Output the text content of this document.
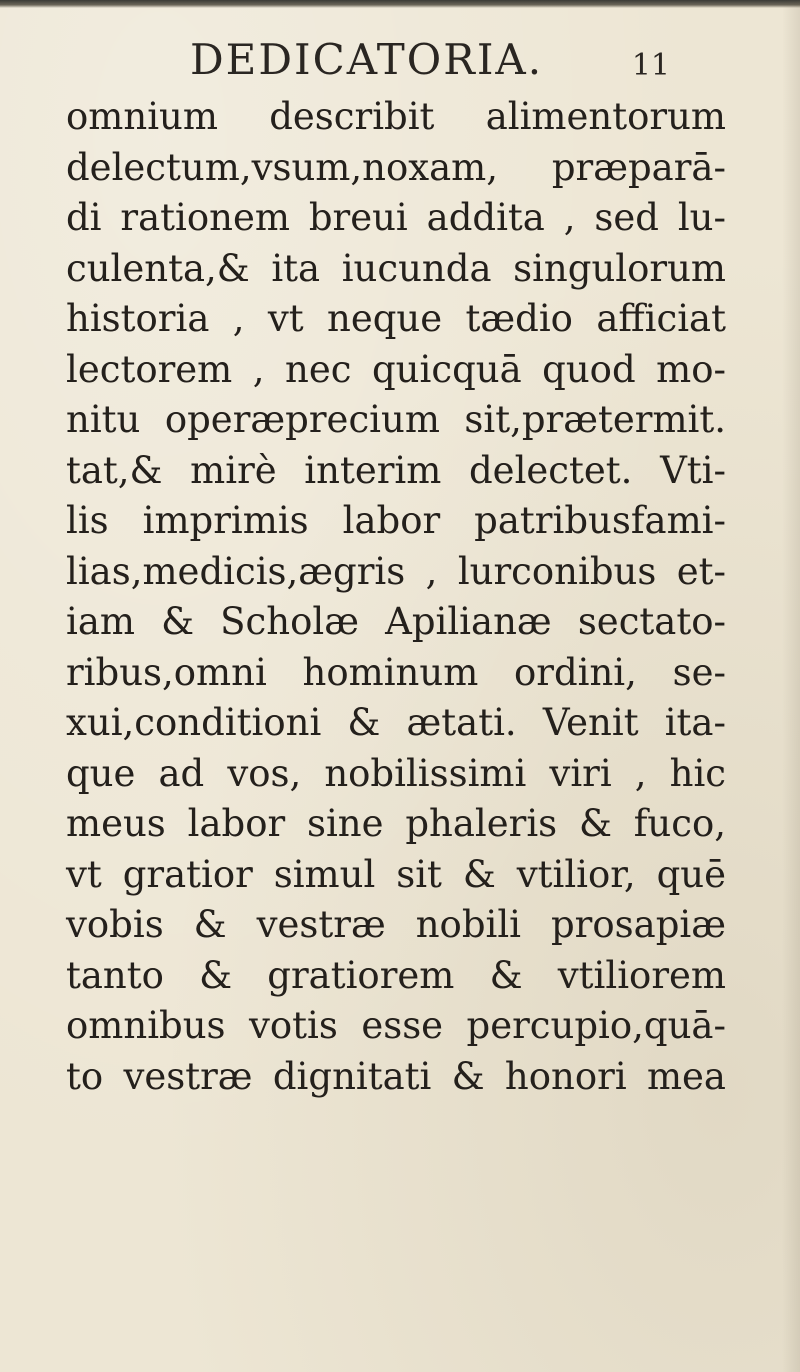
DEDICATORIA.	11
omnium describit alimentorum
delectum,vsum,noxam, præparā-
di rationem breui addita , sed lu-
culenta,& ita iucunda singulorum
historia , vt neque tædio afficiat
lectorem , nec quicquā quod mo-
nitu operæprecium sit,prætermit.
tat,& mirè interim delectet. Vti-
lis imprimis labor patribusfami-
lias,medicis,ægris , lurconibus et-
iam & Scholæ Apilianæ sectato-
ribus,omni hominum ordini, se-
xui,conditioni & ætati. Venit ita-
que ad vos, nobilissimi viri , hic
meus labor sine phaleris & fuco,
vt gratior simul sit & vtilior, quē
vobis & vestræ nobili prosapiæ
tanto & gratiorem & vtiliorem
omnibus votis esse percupio,quā-
to vestræ dignitati & honori mea
